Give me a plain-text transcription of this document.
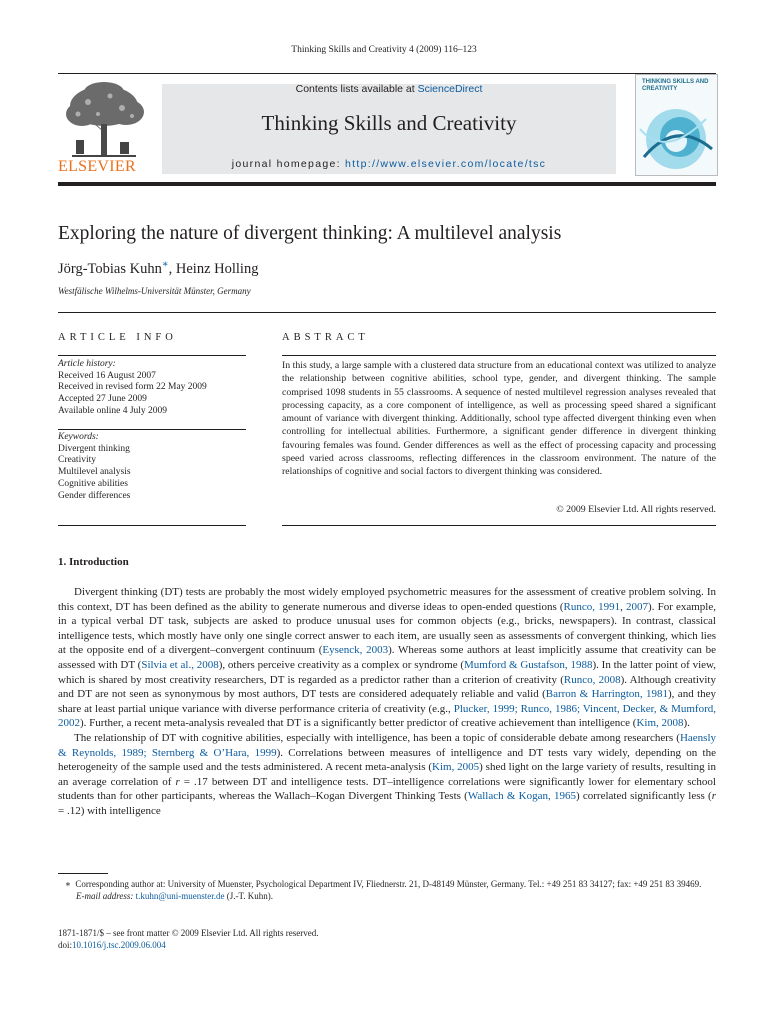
Thinking Skills and Creativity 4 (2009) 116–123
ELSEVIER
Contents lists available at ScienceDirect
Thinking Skills and Creativity
journal homepage: http://www.elsevier.com/locate/tsc
THINKING SKILLS AND CREATIVITY
Exploring the nature of divergent thinking: A multilevel analysis
Jörg-Tobias Kuhn∗, Heinz Holling
Westfälische Wilhelms-Universität Münster, Germany
ARTICLE INFO	ABSTRACT
Article history:
Received 16 August 2007
Received in revised form 22 May 2009
Accepted 27 June 2009
Available online 4 July 2009
Keywords:
Divergent thinking
Creativity
Multilevel analysis
Cognitive abilities
Gender differences
In this study, a large sample with a clustered data structure from an educational context was utilized to analyze the relationship between cognitive abilities, school type, gender, and divergent thinking. The sample comprised 1098 students in 55 classrooms. A sequence of nested multilevel regression analyses revealed that processing capacity, as a core component of intelligence, as well as processing speed shared a significant amount of variance with divergent thinking. Additionally, school type affected divergent thinking even when controlling for intellectual abilities. Furthermore, a significant gender difference in divergent thinking favouring females was found. Gender differences as well as the effect of processing capacity and processing speed varied across classrooms, reflecting differences in the classroom environment. The nature of the relationships of cognitive and social factors to divergent thinking was considered.
© 2009 Elsevier Ltd. All rights reserved.
1. Introduction

Divergent thinking (DT) tests are probably the most widely employed psychometric measures for the assessment of creative problem solving. In this context, DT has been defined as the ability to generate numerous and diverse ideas to open-ended questions (Runco, 1991, 2007). For example, in a typical verbal DT task, subjects are asked to produce unusual uses for common objects (e.g., bricks, newspapers). In contrast, classical intelligence tests, which mostly have only one single correct answer to each item, are usually seen as assessments of convergent thinking, which lies at the opposite end of a divergent–convergent continuum (Eysenck, 2003). Whereas some authors at least implicitly assume that creativity can be assessed with DT (Silvia et al., 2008), others perceive creativity as a complex or syndrome (Mumford & Gustafson, 1988). In the latter point of view, which is shared by most creativity researchers, DT is regarded as a predictor rather than a criterion of creativity (Runco, 2008). Although creativity and DT are not seen as synonymous by most authors, DT tests are considered adequately reliable and valid (Barron & Harrington, 1981), and they share at least partial unique variance with diverse performance criteria of creativity (e.g., Plucker, 1999; Runco, 1986; Vincent, Decker, & Mumford, 2002). Further, a recent meta-analysis revealed that DT is a significantly better predictor of creative achievement than intelligence (Kim, 2008).

The relationship of DT with cognitive abilities, especially with intelligence, has been a topic of considerable debate among researchers (Haensly & Reynolds, 1989; Sternberg & O’Hara, 1999). Correlations between measures of intelligence and DT tests vary widely, depending on the heterogeneity of the sample used and the tests administered. A recent meta-analysis (Kim, 2005) shed light on the large variety of results, resulting in an average correlation of r = .17 between DT and intelligence tests. DT–intelligence correlations were significantly lower for elementary school students than for other participants, whereas the Wallach–Kogan Divergent Thinking Tests (Wallach & Kogan, 1965) correlated significantly less (r = .12) with intelligence

∗ Corresponding author at: University of Muenster, Psychological Department IV, Fliednerstr. 21, D-48149 Münster, Germany. Tel.: +49 251 83 34127; fax: +49 251 83 39469.
E-mail address: t.kuhn@uni-muenster.de (J.-T. Kuhn).
1871-1871/$ – see front matter © 2009 Elsevier Ltd. All rights reserved.
doi:10.1016/j.tsc.2009.06.004
